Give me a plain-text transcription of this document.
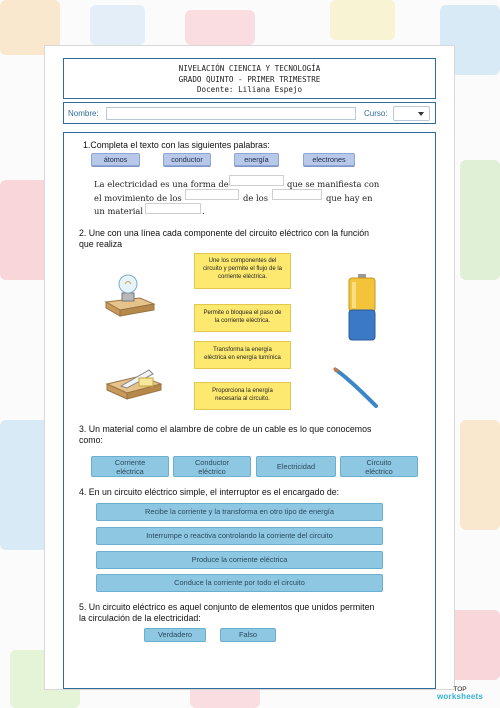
NIVELACIÓN CIENCIA Y TECNOLOGÍA
GRADO QUINTO - PRIMER TRIMESTRE
Docente: Liliana Espejo
Nombre:	Curso:
1.Completa el texto con las siguientes palabras:
átomos	conductor	energía	electrones
La electricidad es una forma de	que se manifiesta con
el movimiento de los	de los	que hay en
un material	.
2. Une con una línea cada componente del circuito eléctrico con la función
que realiza
Une los componentes del
circuito y permite el flujo de la
corriente eléctrica.
Permite o bloquea el paso de
la corriente eléctrica.
Transforma la energía
eléctrica en energía lumínica
Proporciona la energía
necesaria al circuito.
3. Un material como el alambre de cobre de un cable es lo que conocemos
como:
Corriente
eléctrica
Conductor
eléctrico
Electricidad	Circuito
eléctrico
4. En un circuito eléctrico simple, el interruptor es el encargado de:
Recibe la corriente y la transforma en otro tipo de energía
Interrumpe o reactiva controlando la corriente del circuito
Produce la corriente eléctrica
Conduce la corriente por todo el circuito
5. Un circuito eléctrico es aquel conjunto de elementos que unidos permiten
la circulación de la electricidad:
Verdadero	Falso
TOP
worksheets
